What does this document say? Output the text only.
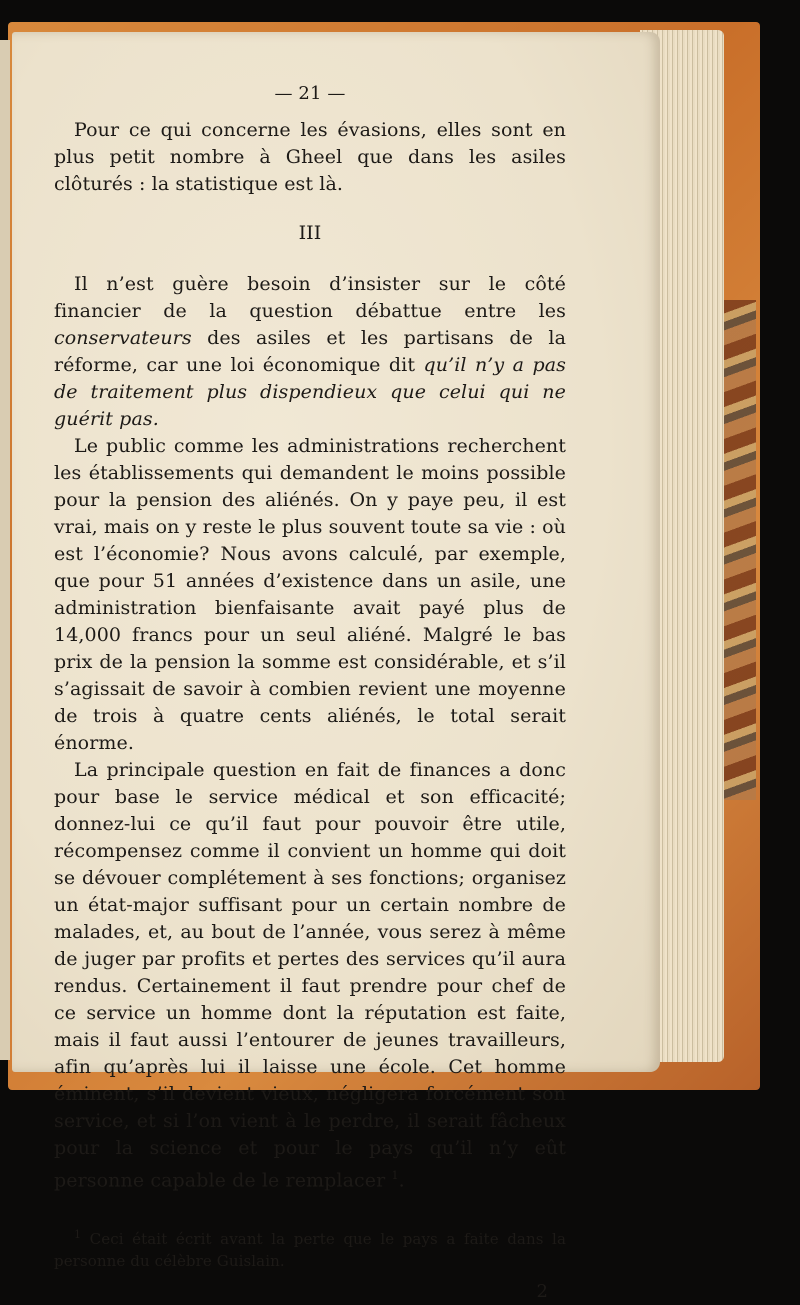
— 21 —

Pour ce qui concerne les évasions, elles sont en plus petit nombre à Gheel que dans les asiles clôturés : la statistique est là.

III

Il n’est guère besoin d’insister sur le côté financier de la question débattue entre les conservateurs des asiles et les partisans de la réforme, car une loi économique dit qu’il n’y a pas de traitement plus dispendieux que celui qui ne guérit pas.

Le public comme les administrations recherchent les établissements qui demandent le moins possible pour la pension des aliénés. On y paye peu, il est vrai, mais on y reste le plus souvent toute sa vie : où est l’économie? Nous avons calculé, par exemple, que pour 51 années d’existence dans un asile, une administration bienfaisante avait payé plus de 14,000 francs pour un seul aliéné. Malgré le bas prix de la pension la somme est considérable, et s’il s’agissait de savoir à combien revient une moyenne de trois à quatre cents aliénés, le total serait énorme.

La principale question en fait de finances a donc pour base le service médical et son efficacité; donnez-lui ce qu’il faut pour pouvoir être utile, récompensez comme il convient un homme qui doit se dévouer complétement à ses fonctions; organisez un état-major suffisant pour un certain nombre de malades, et, au bout de l’année, vous serez à même de juger par profits et pertes des services qu’il aura rendus. Certainement il faut prendre pour chef de ce service un homme dont la réputation est faite, mais il faut aussi l’entourer de jeunes travailleurs, afin qu’après lui il laisse une école. Cet homme éminent, s’il devient vieux, négligera forcément son service, et si l’on vient à le perdre, il serait fâcheux pour la science et pour le pays qu’il n’y eût personne capable de le remplacer $^1$.

$^1$ Ceci était écrit avant la perte que le pays a faite dans la personne du célèbre Guislain.

2
